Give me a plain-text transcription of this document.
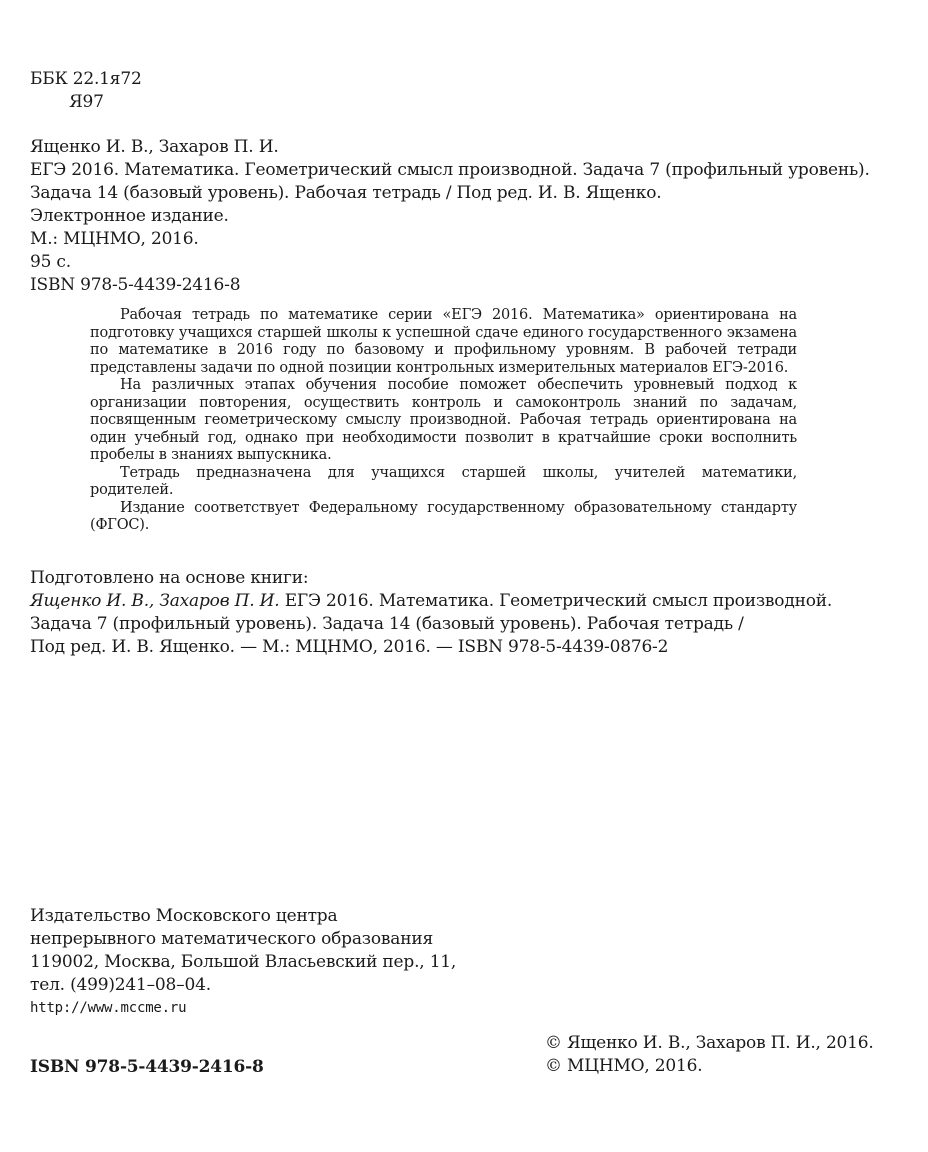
ББК 22.1я72
Я97
Ященко И. В., Захаров П. И.
ЕГЭ 2016. Математика. Геометрический смысл производной. Задача 7 (профильный уровень).
Задача 14 (базовый уровень). Рабочая тетрадь / Под ред. И. В. Ященко.
Электронное издание.
М.: МЦНМО, 2016.
95 с.
ISBN 978-5-4439-2416-8

Рабочая тетрадь по математике серии «ЕГЭ 2016. Математика» ориентирована на подготовку учащихся старшей школы к успешной сдаче единого государственного экзамена по математике в 2016 году по базовому и профильному уровням. В рабочей тетради представлены задачи по одной позиции контрольных измерительных материалов ЕГЭ-2016.

На различных этапах обучения пособие поможет обеспечить уровневый подход к организации повторения, осуществить контроль и самоконтроль знаний по задачам, посвященным геометрическому смыслу производной. Рабочая тетрадь ориентирована на один учебный год, однако при необходимости позволит в кратчайшие сроки восполнить пробелы в знаниях выпускника.

Тетрадь предназначена для учащихся старшей школы, учителей математики, родителей.

Издание соответствует Федеральному государственному образовательному стандарту (ФГОС).

Подготовлено на основе книги:
Ященко И. В., Захаров П. И. ЕГЭ 2016. Математика. Геометрический смысл производной.
Задача 7 (профильный уровень). Задача 14 (базовый уровень). Рабочая тетрадь /
Под ред. И. В. Ященко. — М.: МЦНМО, 2016. — ISBN 978-5-4439-0876-2
Издательство Московского центра
непрерывного математического образования
119002, Москва, Большой Власьевский пер., 11,
тел. (499)241–08–04.
http://www.mccme.ru
ISBN 978-5-4439-2416-8
© Ященко И. В., Захаров П. И., 2016.
© МЦНМО, 2016.
